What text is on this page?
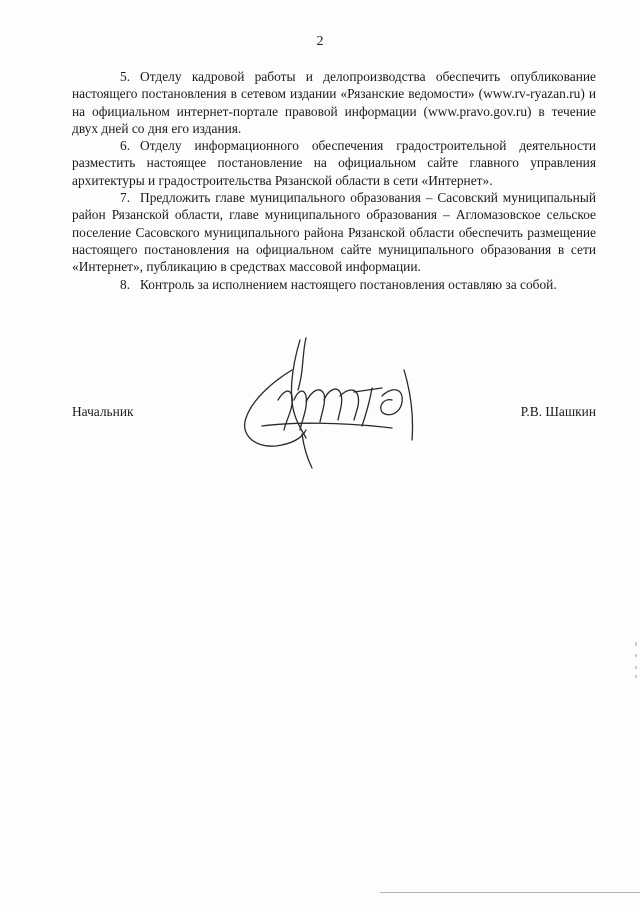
2

5. Отделу кадровой работы и делопроизводства обеспечить опубликование настоящего постановления в сетевом издании «Рязанские ведомости» (www.rv-ryazan.ru) и на официальном интернет-портале правовой информации (www.pravo.gov.ru) в течение двух дней со дня его издания.

6. Отделу информационного обеспечения градостроительной деятельности разместить настоящее постановление на официальном сайте главного управления архитектуры и градостроительства Рязанской области в сети «Интернет».

7. Предложить главе муниципального образования – Сасовский муниципальный район Рязанской области, главе муниципального образования – Агломазовское сельское поселение Сасовского муниципального района Рязанской области обеспечить размещение настоящего постановления на официальном сайте муниципального образования в сети «Интернет», публикацию в средствах массовой информации.

8. Контроль за исполнением настоящего постановления оставляю за собой.

Начальник	Р.В. Шашкин
